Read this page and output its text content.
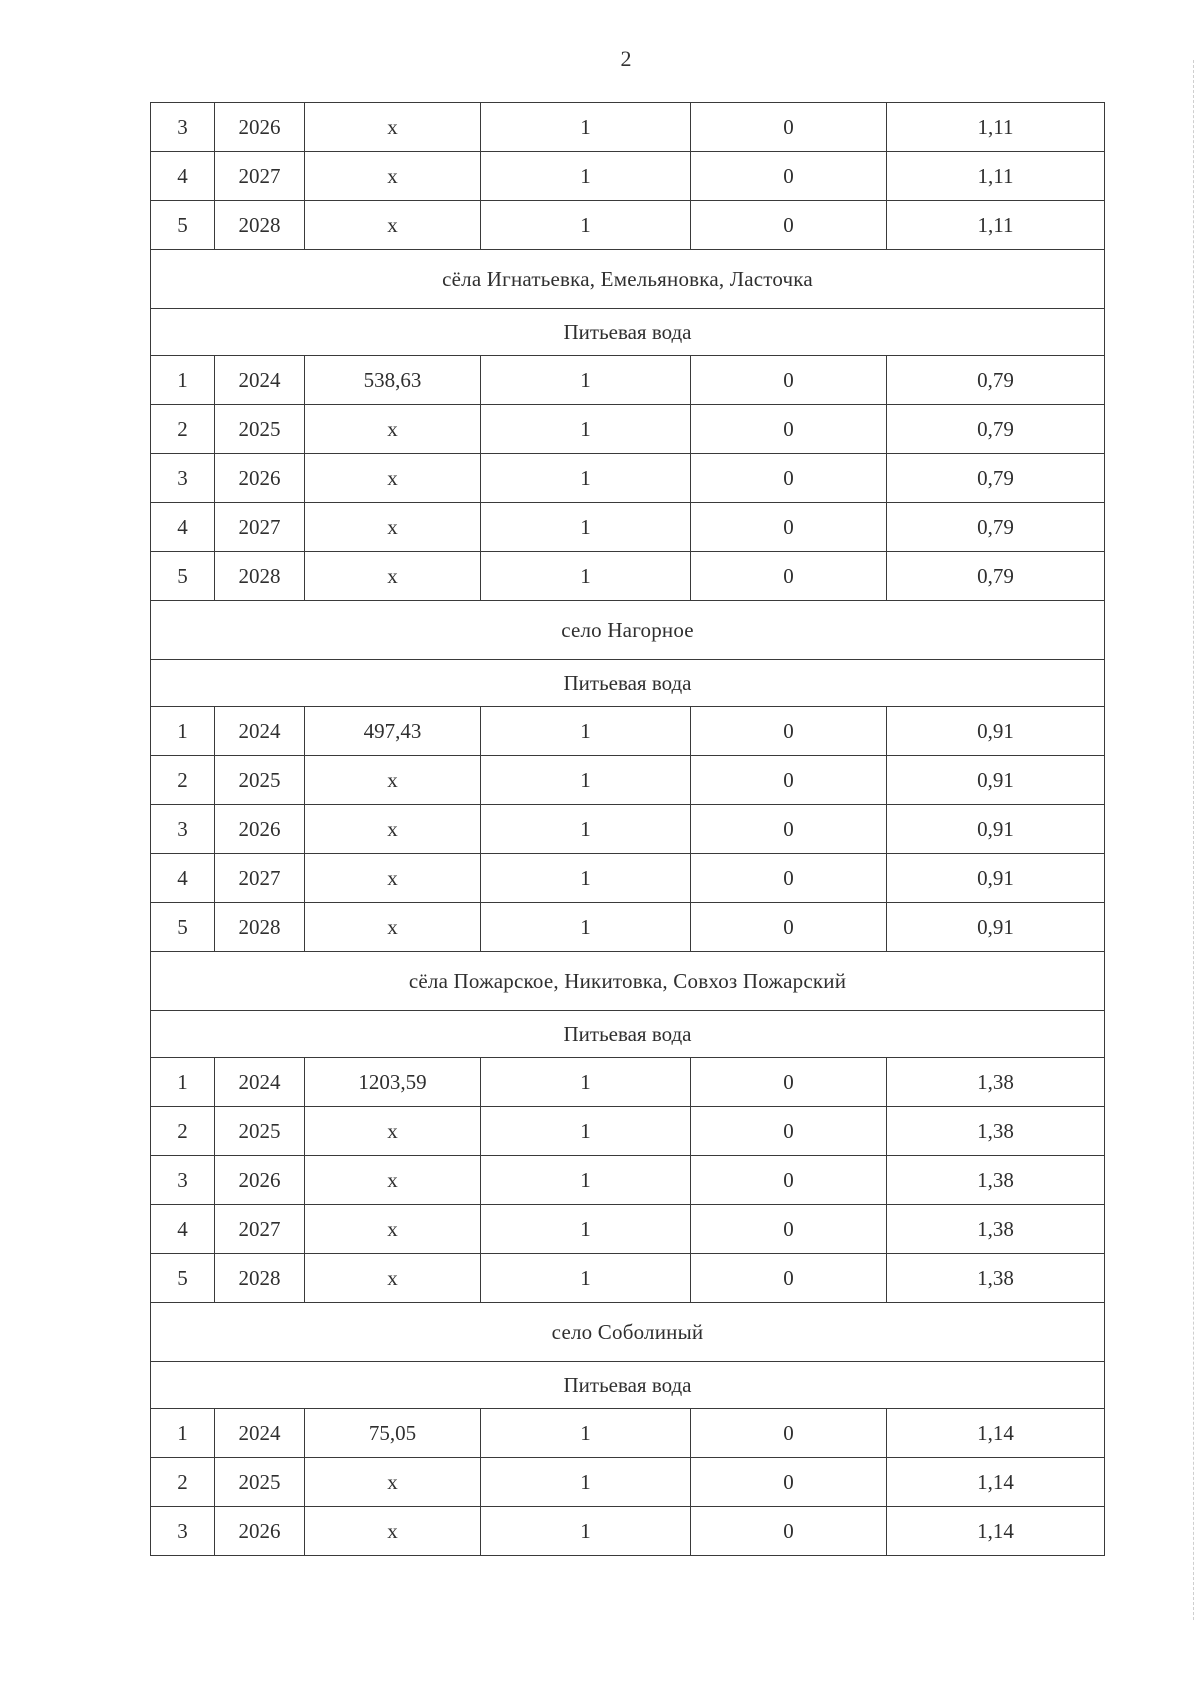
2
3	2026	х	1	0	1,11
4	2027	х	1	0	1,11
5	2028	х	1	0	1,11
сёла Игнатьевка, Емельяновка, Ласточка					
Питьевая вода					
1	2024	538,63	1	0	0,79
2	2025	х	1	0	0,79
3	2026	х	1	0	0,79
4	2027	х	1	0	0,79
5	2028	х	1	0	0,79
село Нагорное					
Питьевая вода					
1	2024	497,43	1	0	0,91
2	2025	х	1	0	0,91
3	2026	х	1	0	0,91
4	2027	х	1	0	0,91
5	2028	х	1	0	0,91
сёла Пожарское, Никитовка, Совхоз Пожарский					
Питьевая вода					
1	2024	1203,59	1	0	1,38
2	2025	х	1	0	1,38
3	2026	х	1	0	1,38
4	2027	х	1	0	1,38
5	2028	х	1	0	1,38
село Соболиный					
Питьевая вода					
1	2024	75,05	1	0	1,14
2	2025	х	1	0	1,14
3	2026	х	1	0	1,14
